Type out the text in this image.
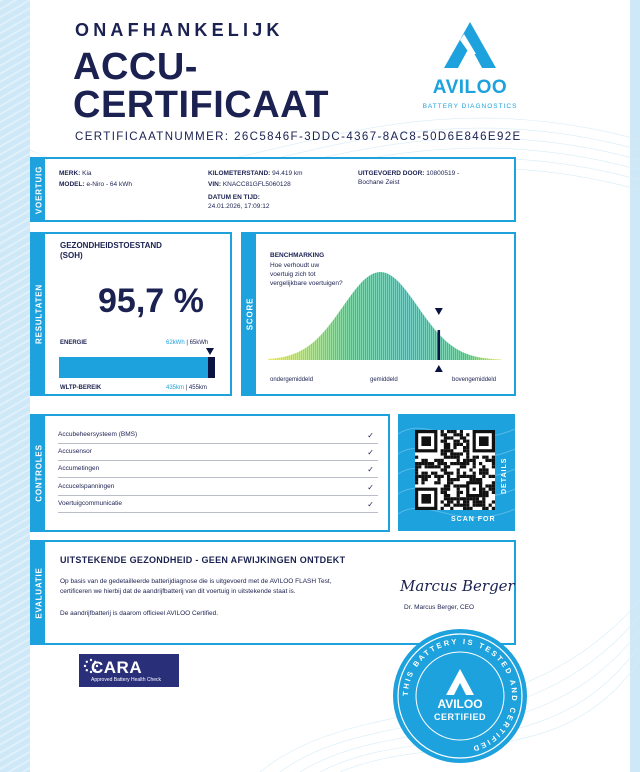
ONAFHANKELIJK
ACCU-
CERTIFICAAT
CERTIFICAATNUMMER: 26C5846F-3DDC-4367-8AC8-50D6E846E92E
AVILOO
BATTERY DIAGNOSTICS
VOERTUIG MERK: Kia
MODEL: e-Niro - 64 kWh
KILOMETERSTAND: 94.419 km
VIN: KNACC81GFL5060128
DATUM EN TIJD:
24.01.2026, 17:09:12
UITGEVOERD DOOR: 10800519 -
Bochane Zeist
RESULTATEN
GEZONDHEIDSTOESTAND
(SOH)
95,7 %
ENERGIE	62kWh | 65kWh
WLTP-BEREIK	435km | 455km
SCORE
BENCHMARKING
Hoe verhoudt uw
voertuig zich tot
vergelijkbare voertuigen?
ondergemiddeld	gemiddeld	bovengemiddeld
CONTROLES
Accubeheersysteem (BMS)	✓
Accusensor	✓
Accumetingen	✓
Accucelspanningen	✓
Voertuigcommunicatie	✓
SCAN FOR
DETAILS
EVALUATIE
UITSTEKENDE GEZONDHEID - GEEN AFWIJKINGEN ONTDEKT
Op basis van de gedetailleerde batterijdiagnose die is uitgevoerd met de AVILOO FLASH Test,
certificeren we hierbij dat de aandrijfbatterij van dit voertuig in uitstekende staat is.
De aandrijfbatterij is daarom officieel AVILOO Certified.
Marcus Berger
Dr. Marcus Berger, CEO
CARA
Approved Battery Health Check
THIS BATTERY IS TESTED AND CERTIFIED
AVILOO
CERTIFIED
